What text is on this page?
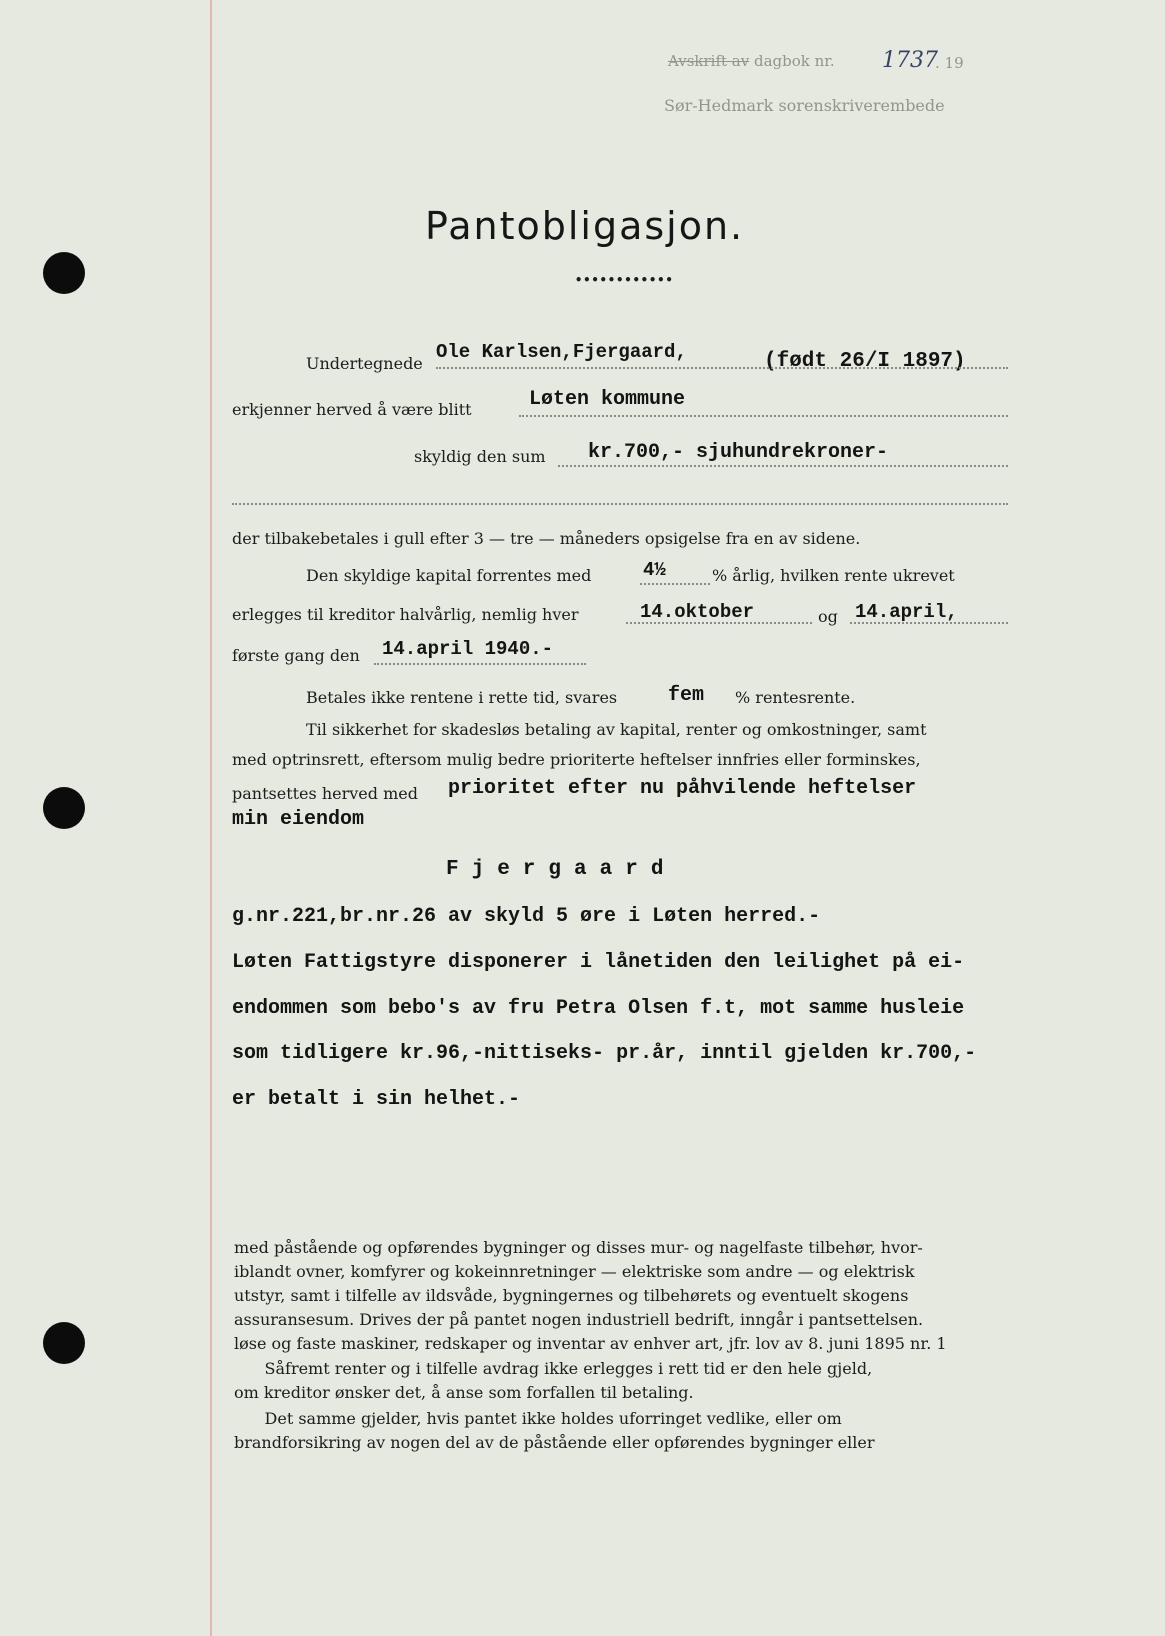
Avskrift av dagbok nr. 1737
. 19
Sør-Hedmark sorenskriverembede
Pantobligasjon.
••••••••••••
Undertegnede
Ole Karlsen,Fjergaard,	(født 26/I 1897)
erkjenner herved å være blitt	Løten kommune
skyldig den sum kr.700,- sjuhundrekroner-
der tilbakebetales i gull efter 3 — tre — måneders opsigelse fra en av sidene.
Den skyldige kapital forrentes med	4½	% årlig, hvilken rente ukrevet
erlegges til kreditor halvårlig, nemlig hver	14.oktober	og 14.april,
første gang den 14.april 1940.-
Betales ikke rentene i rette tid, svares	fem % rentesrente.
Til sikkerhet for skadesløs betaling av kapital, renter og omkostninger, samt
med optrinsrett, eftersom mulig bedre prioriterte heftelser innfries eller forminskes,
pantsettes herved med prioritet efter nu påhvilende heftelser
min eiendom
Fjergaard
g.nr.221,br.nr.26 av skyld 5 øre i Løten herred.-
Løten Fattigstyre disponerer i lånetiden den leilighet på ei-
endommen som bebo's av fru Petra Olsen f.t, mot samme husleie
som tidligere kr.96,-nittiseks- pr.år, inntil gjelden kr.700,-
er betalt i sin helhet.-
med påstående og opførendes bygninger og disses mur- og nagelfaste tilbehør, hvor-
iblandt ovner, komfyrer og kokeinnretninger — elektriske som andre — og elektrisk
utstyr, samt i tilfelle av ildsvåde, bygningernes og tilbehørets og eventuelt skogens
assuransesum. Drives der på pantet nogen industriell bedrift, inngår i pantsettelsen.
løse og faste maskiner, redskaper og inventar av enhver art, jfr. lov av 8. juni 1895 nr. 1
Såfremt renter og i tilfelle avdrag ikke erlegges i rett tid er den hele gjeld,
om kreditor ønsker det, å anse som forfallen til betaling.
Det samme gjelder, hvis pantet ikke holdes uforringet vedlike, eller om
brandforsikring av nogen del av de påstående eller opførendes bygninger eller
